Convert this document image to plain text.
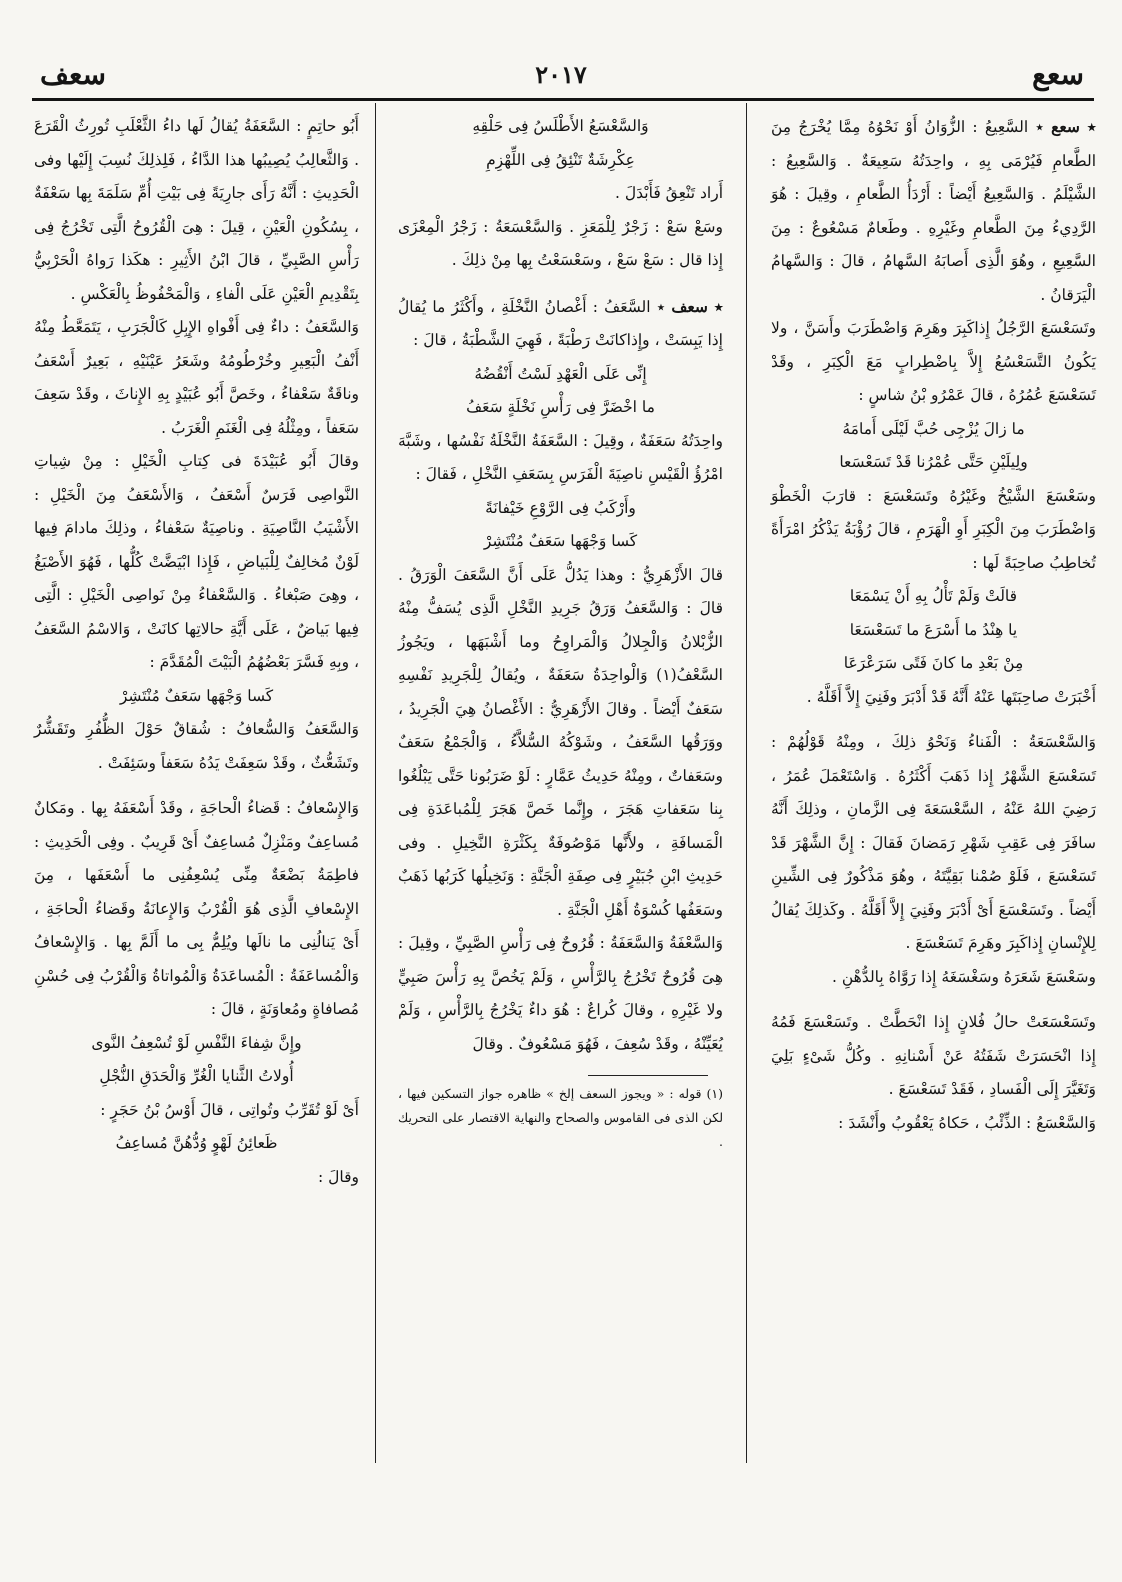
سعع
٢٠١٧
سعف

٭ سعع ٭ السَّعِيعُ : الزُّوَانُ أَوْ نَحْوُهُ مِمَّا يُخْرَجُ مِنَ الطَّعامِ فَيُرْمَى بِهِ ، واحِدَتُهُ سَعِيعَةٌ . وَالسَّعِيعُ : الشَّيْلَمُ . وَالسَّعِيعُ أَيْضاً : أَرْدَأُ الطَّعامِ ، وقِيلَ : هُوَ الرَّدِيءُ مِنَ الطَّعامِ وغَيْرِهِ . وطَعامٌ مَسْعُوعٌ : مِنَ السَّعِيعِ ، وهُوَ الَّذِى أَصابَهُ السَّهامُ ، قالَ : وَالسَّهامُ الْيَرَقانُ .

وتَسَعْسَعَ الرَّجُلُ إِذاكَبِرَ وهَرِمَ وَاضْطَرَبَ وأَسَنَّ ، ولا يَكُونُ التَّسَعْسُعُ إِلاَّ بِاضْطِرابٍ مَعَ الْكِبَرِ ، وقَدْ تَسَعْسَعَ عُمُرُهُ ، قالَ عَمْرُو بْنُ شاسٍ :

ما زالَ يُزْجِى حُبَّ لَيْلَى أَمامَهُ

ولِيلَيْنِ حَتَّى عُمْرُنا قَدْ تَسَعْسَعا

وسَعْسَعَ الشَّيْخُ وغَيْرُهُ وتَسَعْسَعَ : قارَبَ الْخَطْوَ وَاضْطَرَبَ مِنَ الْكِبَرِ أَوِ الْهَرَمِ ، قالَ رُؤْبَةُ يَذْكُرُ امْرَأَةً تُخاطِبُ صاحِبَةً لَها :

قالَتْ وَلَمْ تَأْلُ بِهِ أَنْ يَسْمَعَا

يا هِنْدُ ما أَسْرَعَ ما تَسَعْسَعَا

مِنْ بَعْدِ ما كانَ فَتًى سَرَعْرَعَا

أَخْبَرَتْ صاحِبَتَها عَنْهُ أَنَّهُ قَدْ أَدْبَرَ وفَنِيَ إِلاَّ أَقَلَّهُ .

وَالسَّعْسَعَةُ : الْفَناءُ وَنَحْوُ ذلِكَ ، ومِنْهُ قَوْلُهُمْ : تَسَعْسَعَ الشَّهْرُ إِذا ذَهَبَ أَكْثَرُهُ . وَاسْتَعْمَلَ عُمَرُ ، رَضِيَ اللهُ عَنْهُ ، السَّعْسَعَةَ فِى الزَّمانِ ، وذلِكَ أَنَّهُ سافَرَ فِى عَقِبِ شَهْرِ رَمَضانَ فَقالَ : إِنَّ الشَّهْرَ قَدْ تَسَعْسَعَ ، فَلَوْ صُمْنا بَقِيَّتَهُ ، وهُوَ مَذْكُورٌ فِى الشِّينِ أَيْضاً . وتَسَعْسَعَ أَىْ أَدْبَرَ وفَنِيَ إِلاَّ أَقَلَّهُ . وكَذلِكَ يُقالُ لِلإِنْسانِ إِذاكَبِرَ وهَرِمَ تَسَعْسَعَ .

وسَعْسَعَ شَعَرَهُ وسَغْسَغَهُ إِذا رَوَّاهُ بِالدُّهْنِ .

وتَسَعْسَعَتْ حالُ فُلانٍ إِذا انْحَطَّتْ . وتَسَعْسَعَ فَمُهُ إِذا انْحَسَرَتْ شَفَتُهُ عَنْ أَسْنانِهِ . وكُلُّ شَىْءٍ بَلِيَ وَتَغَيَّرَ إِلَى الْفَسادِ ، فَقَدْ تَسَعْسَعَ .

وَالسَّعْسَعُ : الذِّئْبُ ، حَكاهُ يَعْقُوبُ وأَنْشَدَ :

وَالسَّعْسَعُ الأَطْلَسُ فِى حَلْقِهِ

عِكْرِشَةٌ تَنْئِقُ فِى اللِّهْزِمِ

أَراد تَنْعِقُ فَأَبْدَلَ .

وسَعْ سَعْ : زَجْرٌ لِلْمَعَزِ . وَالسَّعْسَعَةُ : زَجْرُ الْمِعْزَى إِذا قال : سَعْ سَعْ ، وسَعْسَعْتُ بِها مِنْ ذلِكَ .

٭ سعف ٭ السَّعَفُ : أَغْصانُ النَّخْلَةِ ، وأَكْثَرُ ما يُقالُ إِذا يَبِسَتْ ، وإِذاكانَتْ رَطْبَةً ، فَهِيَ الشَّطْبَةُ ، قالَ :

إِنِّى عَلَى الْعَهْدِ لَسْتُ أَنْقُضُهُ

ما اخْضَرَّ فِى رَأْسِ نَخْلَةٍ سَعَفُ

واحِدَتُهُ سَعَفَةٌ ، وقِيلَ : السَّعَفَةُ النَّخْلَةُ نَفْسُها ، وشَبَّهَ امْرُؤُ الْقَيْسِ ناصِيَةَ الْفَرَسِ بِسَعَفِ النَّخْلِ ، فَقالَ :

وأَرْكَبُ فِى الرَّوْعِ خَيْفانَةً

كَسا وَجْهَها سَعَفٌ مُنْتَشِرْ

قالَ الأَزْهَرِيُّ : وهذا يَدُلُّ عَلَى أَنَّ السَّعَفَ الْوَرَقُ . قالَ : وَالسَّعَفُ وَرَقُ جَرِيدِ النَّخْلِ الَّذِى يُسَفُّ مِنْهُ الزُّبْلانُ وَالْجِلالُ وَالْمَراوِحُ وما أَشْبَهَها ، ويَجُوزُ السَّعْفُ(١) وَالْواحِدَةُ سَعَفَةٌ ، ويُقالُ لِلْجَرِيدِ نَفْسِهِ سَعَفٌ أَيْضاً . وقالَ الأَزْهَرِيُّ : الأَغْصانُ هِيَ الْجَرِيدُ ، ووَرَقُها السَّعَفُ ، وشَوْكُهُ السُّلاَّءُ ، وَالْجَمْعُ سَعَفٌ وسَعَفاتٌ ، ومِنْهُ حَدِيثُ عَمَّارٍ : لَوْ ضَرَبُونا حَتَّى يَبْلُغُوا بِنا سَعَفاتِ هَجَرَ ، وإِنَّما خَصَّ هَجَرَ لِلْمُباعَدَةِ فِى الْمَسافَةِ ، ولأَنَّها مَوْصُوفَةٌ بِكَثْرَةِ النَّخِيلِ . وفى حَدِيثِ ابْنِ جُبَيْرٍ فِى صِفَةِ الْجَنَّةِ : وَنَخِيلُها كَرَبُها ذَهَبٌ وسَعَفُها كُسْوَةُ أَهْلِ الْجَنَّةِ .

وَالسَّعْفَةُ وَالسَّعَفَةُ : قُرُوحٌ فِى رَأْسِ الصَّبِيِّ ، وقِيلَ : هِىَ قُرُوحٌ تَخْرُجُ بِالرَّأْسِ ، وَلَمْ يَخُصَّ بِهِ رَأْسَ صَبِيٍّ ولا غَيْرِهِ ، وقالَ كُراعٌ : هُوَ داءٌ يَخْرُجُ بِالرَّأْسِ ، وَلَمْ يُعَيِّنْهُ ، وقَدْ سُعِفَ ، فَهُوَ مَسْعُوفٌ . وقالَ

(١) قوله : « ويجوز السعف إلخ » ظاهره جواز التسكين فيها ، لكن الذى فى القاموس والصحاح والنهاية الاقتصار على التحريك .

أَبُو حاتِمٍ : السَّعَفَةُ يُقالُ لَها داءُ الثَّعْلَبِ تُورِثُ الْقَرَعَ . وَالثَّعالِبُ يُصِيبُها هذا الدَّاءُ ، فَلِذلِكَ نُسِبَ إِلَيْها وفى الْحَدِيثِ : أَنَّهُ رَأَى جارِيَةً فِى بَيْتِ أُمِّ سَلَمَةَ بِها سَعْفَةٌ ، بِسُكُونِ الْعَيْنِ ، قِيلَ : هِىَ الْقُرُوحُ الَّتِى تَخْرُجُ فِى رَأْسِ الصَّبِيِّ ، قالَ ابْنُ الأَثِيرِ : هكَذا رَواهُ الْحَرْبِيُّ بِتَقْدِيمِ الْعَيْنِ عَلَى الْفاءِ ، وَالْمَحْفُوظُ بِالْعَكْسِ .

وَالسَّعَفُ : داءٌ فِى أَفْواهِ الإِبِلِ كَالْجَرَبِ ، يَتَمَعَّطُ مِنْهُ أَنْفُ الْبَعِيرِ وخُرْطُومُهُ وشَعَرُ عَيْنَيْهِ ، بَعِيرٌ أَسْعَفُ وناقَةٌ سَعْفاءُ ، وخَصَّ أَبُو عُبَيْدٍ بِهِ الإِناثَ ، وقَدْ سَعِفَ سَعَفاً ، ومِثْلُهُ فِى الْغَنَمِ الْغَرَبُ .

وقالَ أَبُو عُبَيْدَةَ فى كِتابِ الْخَيْلِ : مِنْ شِياتِ النَّواصِى فَرَسٌ أَسْعَفُ ، وَالأَسْعَفُ مِنَ الْخَيْلِ : الأَشْيَبُ النَّاصِيَةِ . وناصِيَةٌ سَعْفاءُ ، وذلِكَ مادامَ فِيها لَوْنٌ مُخالِفٌ لِلْبَياضِ ، فَإِذا ابْيَضَّتْ كُلُّها ، فَهُوَ الأَصْبَغُ ، وهِىَ صَبْغاءُ . وَالسَّعْفاءُ مِنْ نَواصِى الْخَيْلِ : الَّتِى فِيها بَياضٌ ، عَلَى أَيَّةِ حالاتِها كانَتْ ، وَالاسْمُ السَّعَفُ ، وبِهِ فَسَّرَ بَعْضُهُمُ الْبَيْتَ الْمُقَدَّمَ :

كَسا وَجْهَها سَعَفٌ مُنْتَشِرْ

وَالسَّعَفُ وَالسُّعافُ : شُقاقٌ حَوْلَ الظُّفُرِ وتَقَشُّرٌ وتَشَعُّثٌ ، وقَدْ سَعِفَتْ يَدُهُ سَعَفاً وسَئِفَتْ .

وَالإِسْعافُ : قَضاءُ الْحاجَةِ ، وقَدْ أَسْعَفَهُ بِها . ومَكانٌ مُساعِفٌ ومَنْزِلٌ مُساعِفٌ أَىْ قَرِيبٌ . وفِى الْحَدِيثِ : فاطِمَةُ بَضْعَةٌ مِنِّى يُسْعِفُنِى ما أَسْعَفَها ، مِنَ الإِسْعافِ الَّذِى هُوَ الْقُرْبُ وَالإِعانَةُ وقَضاءُ الْحاجَةِ ، أَىْ يَنالُنِى ما نالَها ويُلِمُّ بِى ما أَلَمَّ بِها . وَالإِسْعافُ وَالْمُساعَفَةُ : الْمُساعَدَةُ وَالْمُواتاةُ وَالْقُرْبُ فِى حُسْنِ مُصافاةٍ ومُعاوَنَةٍ ، قالَ :

وإِنَّ شِفاءَ النَّفْسِ لَوْ تُسْعِفُ النَّوى

أُولاتُ الثَّنايا الْغُرِّ وَالْحَدَقِ النُّجْلِ

أَىْ لَوْ تُقَرِّبُ وتُواتِى ، قالَ أَوْسُ بْنُ حَجَرٍ :

ظَعائِنُ لَهْوٍ وُدُّهُنَّ مُساعِفُ

وقالَ :
